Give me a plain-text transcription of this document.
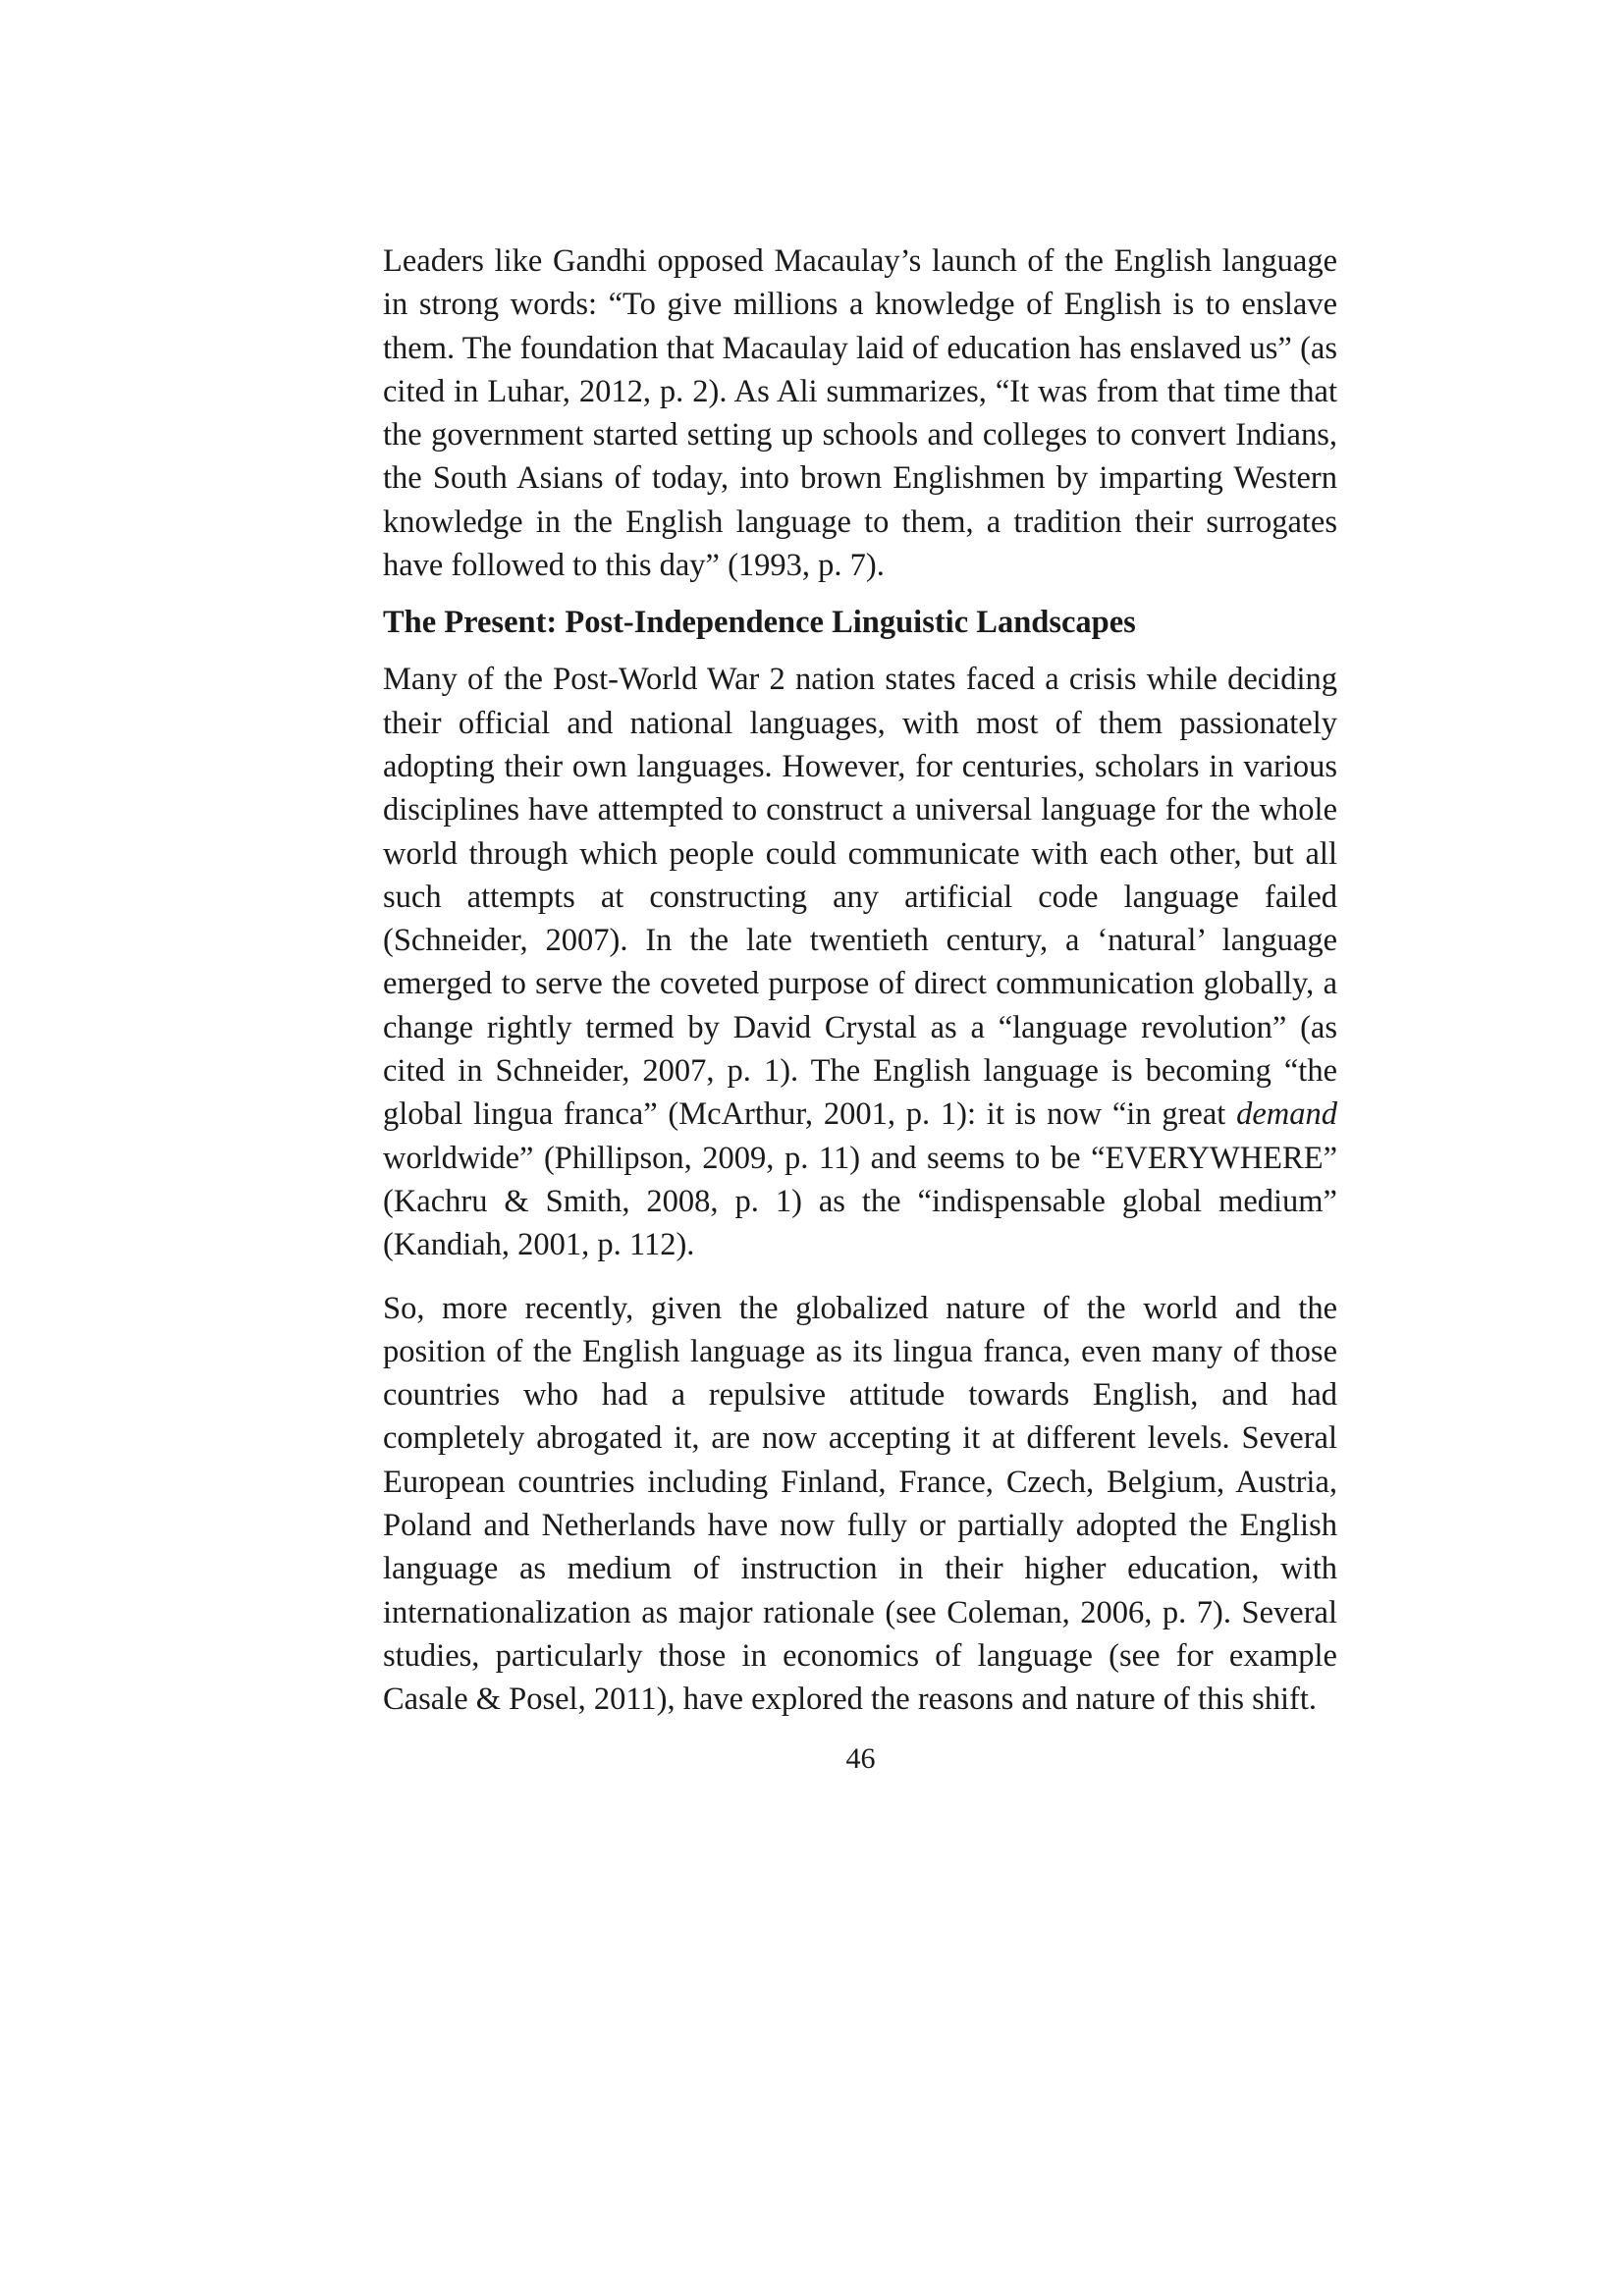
Leaders like Gandhi opposed Macaulay’s launch of the English language in strong words: “To give millions a knowledge of English is to enslave them. The foundation that Macaulay laid of education has enslaved us” (as cited in Luhar, 2012, p. 2). As Ali summarizes, “It was from that time that the government started setting up schools and colleges to convert Indians, the South Asians of today, into brown Englishmen by imparting Western knowledge in the English language to them, a tradition their surrogates have followed to this day” (1993, p. 7).

The Present: Post-Independence Linguistic Landscapes

Many of the Post-World War 2 nation states faced a crisis while deciding their official and national languages, with most of them passionately adopting their own languages. However, for centuries, scholars in various disciplines have attempted to construct a universal language for the whole world through which people could communicate with each other, but all such attempts at constructing any artificial code language failed (Schneider, 2007). In the late twentieth century, a ‘natural’ language emerged to serve the coveted purpose of direct communication globally, a change rightly termed by David Crystal as a “language revolution” (as cited in Schneider, 2007, p. 1). The English language is becoming “the global lingua franca” (McArthur, 2001, p. 1): it is now “in great demand worldwide” (Phillipson, 2009, p. 11) and seems to be “EVERYWHERE” (Kachru & Smith, 2008, p. 1) as the “indispensable global medium” (Kandiah, 2001, p. 112).

So, more recently, given the globalized nature of the world and the position of the English language as its lingua franca, even many of those countries who had a repulsive attitude towards English, and had completely abrogated it, are now accepting it at different levels. Several European countries including Finland, France, Czech, Belgium, Austria, Poland and Netherlands have now fully or partially adopted the English language as medium of instruction in their higher education, with internationalization as major rationale (see Coleman, 2006, p. 7). Several studies, particularly those in economics of language (see for example Casale & Posel, 2011), have explored the reasons and nature of this shift.

46
